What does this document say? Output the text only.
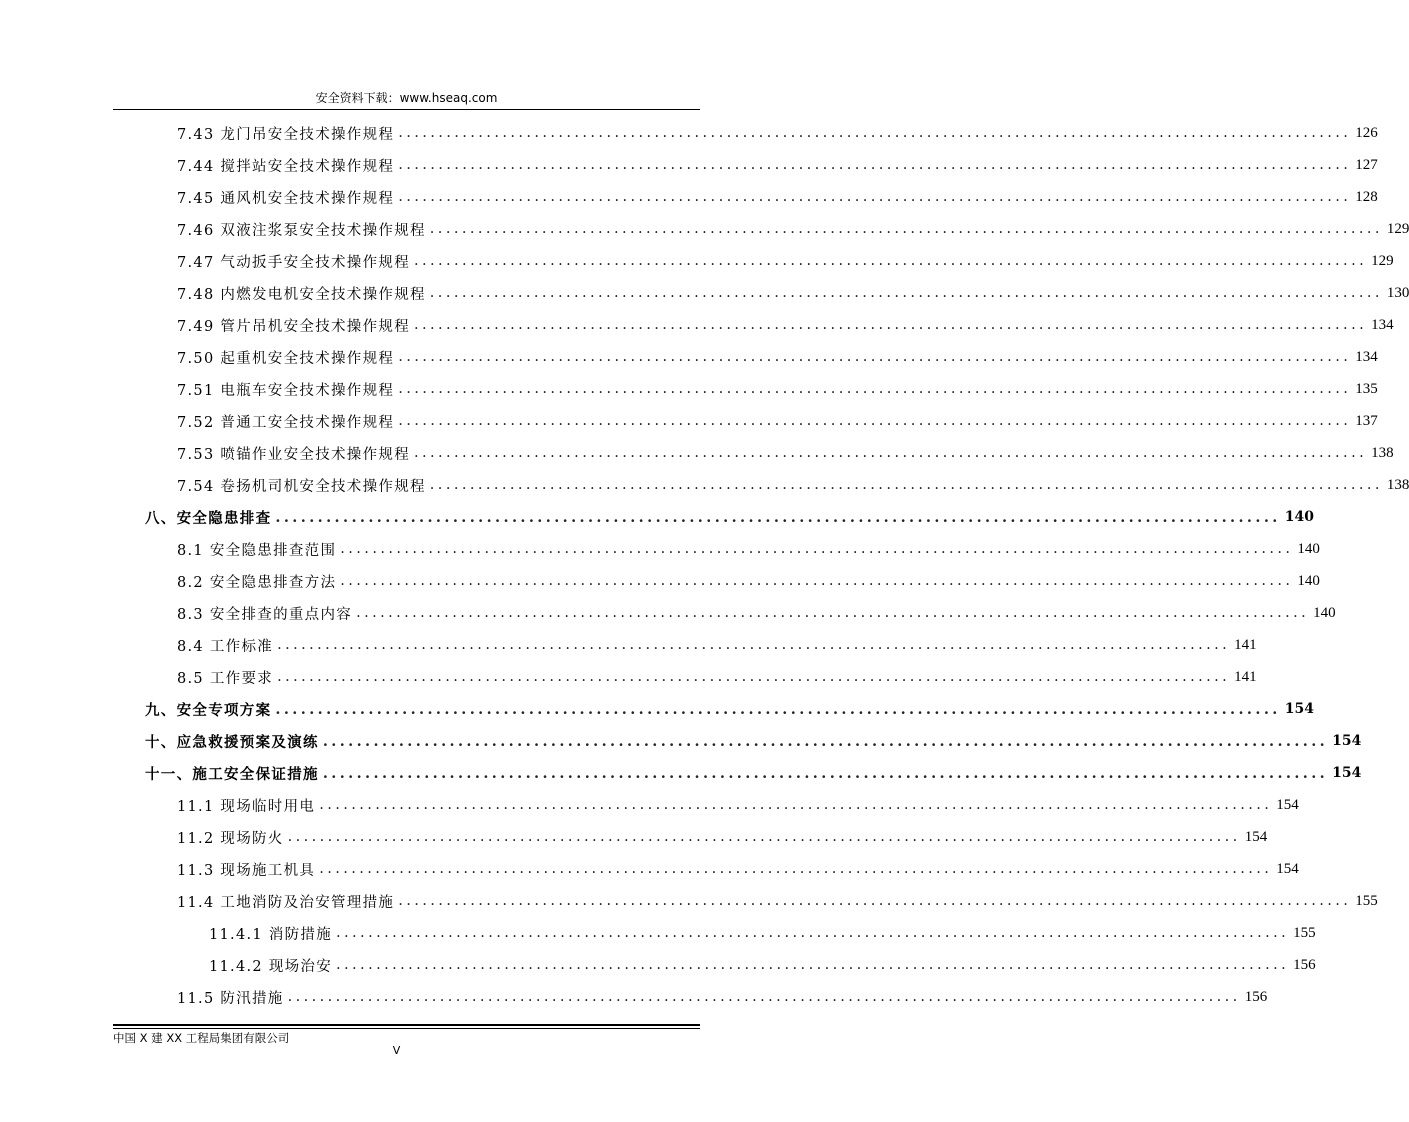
安全资料下载：www.hseaq.com
7.43 龙门吊安全技术操作规程 ....................................................................................................................... 126
7.44 搅拌站安全技术操作规程 ....................................................................................................................... 127
7.45 通风机安全技术操作规程 ....................................................................................................................... 128
7.46 双液注浆泵安全技术操作规程 ....................................................................................................................... 129
7.47 气动扳手安全技术操作规程 ....................................................................................................................... 129
7.48 内燃发电机安全技术操作规程 ....................................................................................................................... 130
7.49 管片吊机安全技术操作规程 ....................................................................................................................... 134
7.50 起重机安全技术操作规程 ....................................................................................................................... 134
7.51 电瓶车安全技术操作规程 ....................................................................................................................... 135
7.52 普通工安全技术操作规程 ....................................................................................................................... 137
7.53 喷锚作业安全技术操作规程 ....................................................................................................................... 138
7.54 卷扬机司机安全技术操作规程 ....................................................................................................................... 138
八、安全隐患排查 ....................................................................................................................... 140
8.1 安全隐患排查范围 ....................................................................................................................... 140
8.2 安全隐患排查方法 ....................................................................................................................... 140
8.3 安全排查的重点内容 ....................................................................................................................... 140
8.4 工作标准 ....................................................................................................................... 141
8.5 工作要求 ....................................................................................................................... 141
九、安全专项方案 ....................................................................................................................... 154
十、应急救援预案及演练 ....................................................................................................................... 154
十一、施工安全保证措施 ....................................................................................................................... 154
11.1 现场临时用电 ....................................................................................................................... 154
11.2 现场防火 ....................................................................................................................... 154
11.3 现场施工机具 ....................................................................................................................... 154
11.4 工地消防及治安管理措施 ....................................................................................................................... 155
11.4.1 消防措施 ....................................................................................................................... 155
11.4.2 现场治安 ....................................................................................................................... 156
11.5 防汛措施 ....................................................................................................................... 156
中国 X 建 XX 工程局集团有限公司
V
